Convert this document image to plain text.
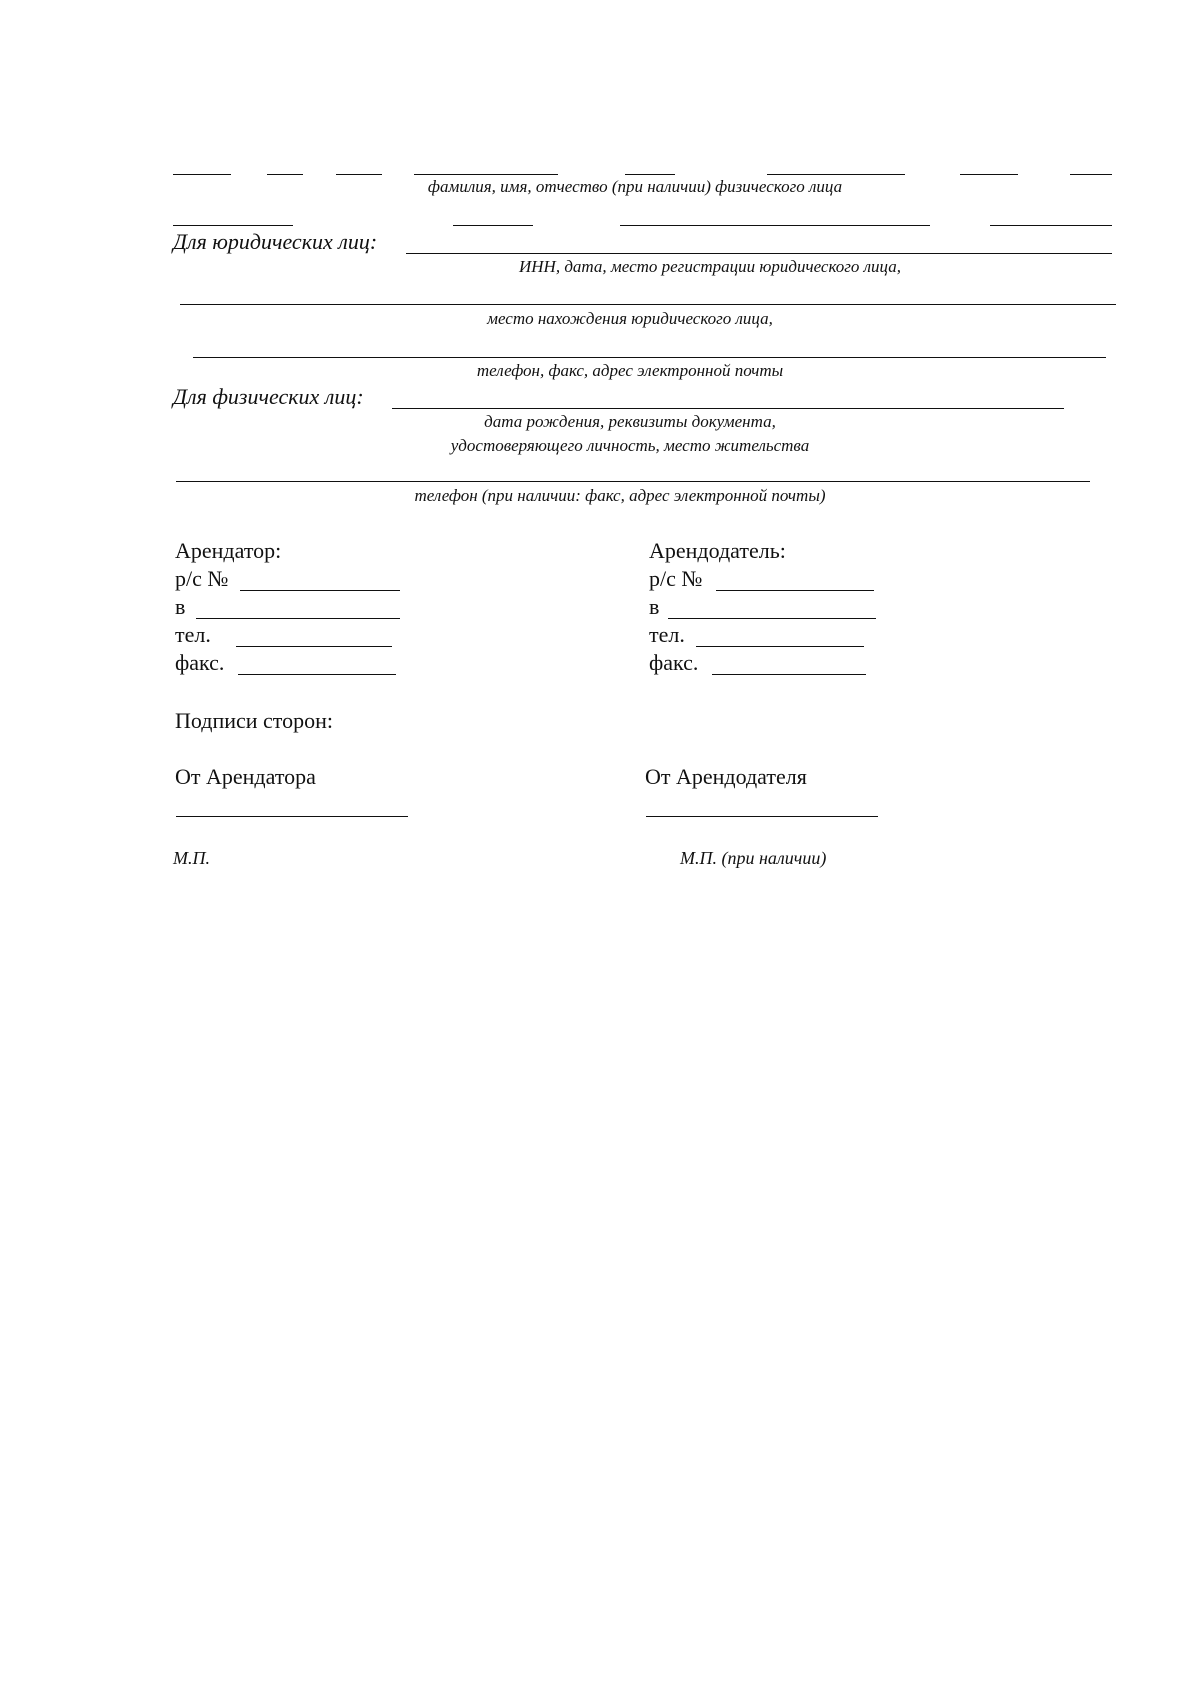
фамилия, имя, отчество (при наличии) физического лица
Для юридических лиц:
ИНН, дата, место регистрации юридического лица,
место нахождения юридического лица,
телефон, факс, адрес электронной почты
Для физических лиц:
дата рождения, реквизиты документа,
удостоверяющего личность, место жительства
телефон (при наличии: факс, адрес электронной почты)
Арендатор:
р/с №
в
тел.
факс.
Арендодатель:
р/с №
в
тел.
факс.
Подписи сторон:
От Арендатора	От Арендодателя
М.П.	М.П. (при наличии)
